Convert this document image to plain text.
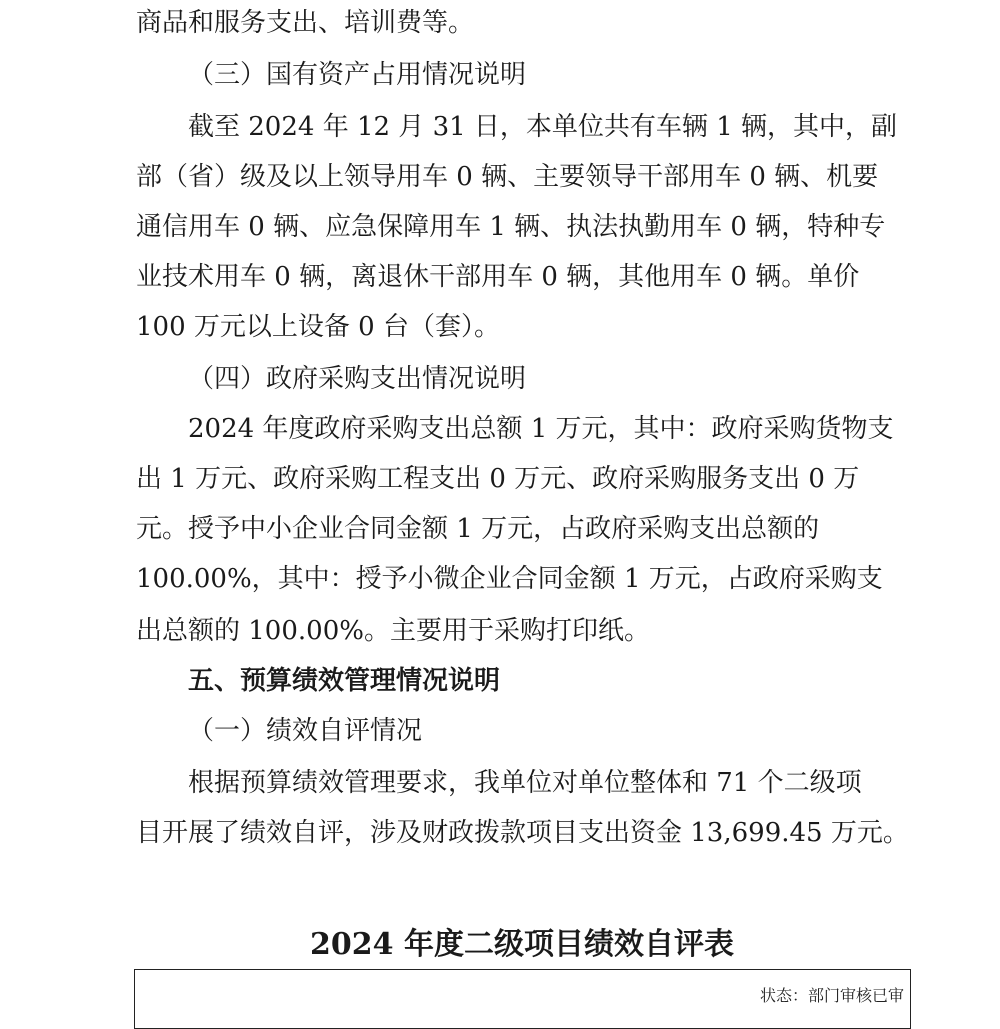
商品和服务支出、培训费等。
（三）国有资产占用情况说明
截至 2024 年 12 月 31 日，本单位共有车辆 1 辆，其中，副
部（省）级及以上领导用车 0 辆、主要领导干部用车 0 辆、机要
通信用车 0 辆、应急保障用车 1 辆、执法执勤用车 0 辆，特种专
业技术用车 0 辆，离退休干部用车 0 辆，其他用车 0 辆。单价
100 万元以上设备 0 台（套）。
（四）政府采购支出情况说明
2024 年度政府采购支出总额 1 万元，其中：政府采购货物支
出 1 万元、政府采购工程支出 0 万元、政府采购服务支出 0 万
元。授予中小企业合同金额 1 万元，占政府采购支出总额的
100.00%，其中：授予小微企业合同金额 1 万元，占政府采购支
出总额的 100.00%。主要用于采购打印纸。
五、预算绩效管理情况说明
（一）绩效自评情况
根据预算绩效管理要求，我单位对单位整体和 71 个二级项
目开展了绩效自评，涉及财政拨款项目支出资金 13,699.45 万元。
2024 年度二级项目绩效自评表
状态：部门审核已审
